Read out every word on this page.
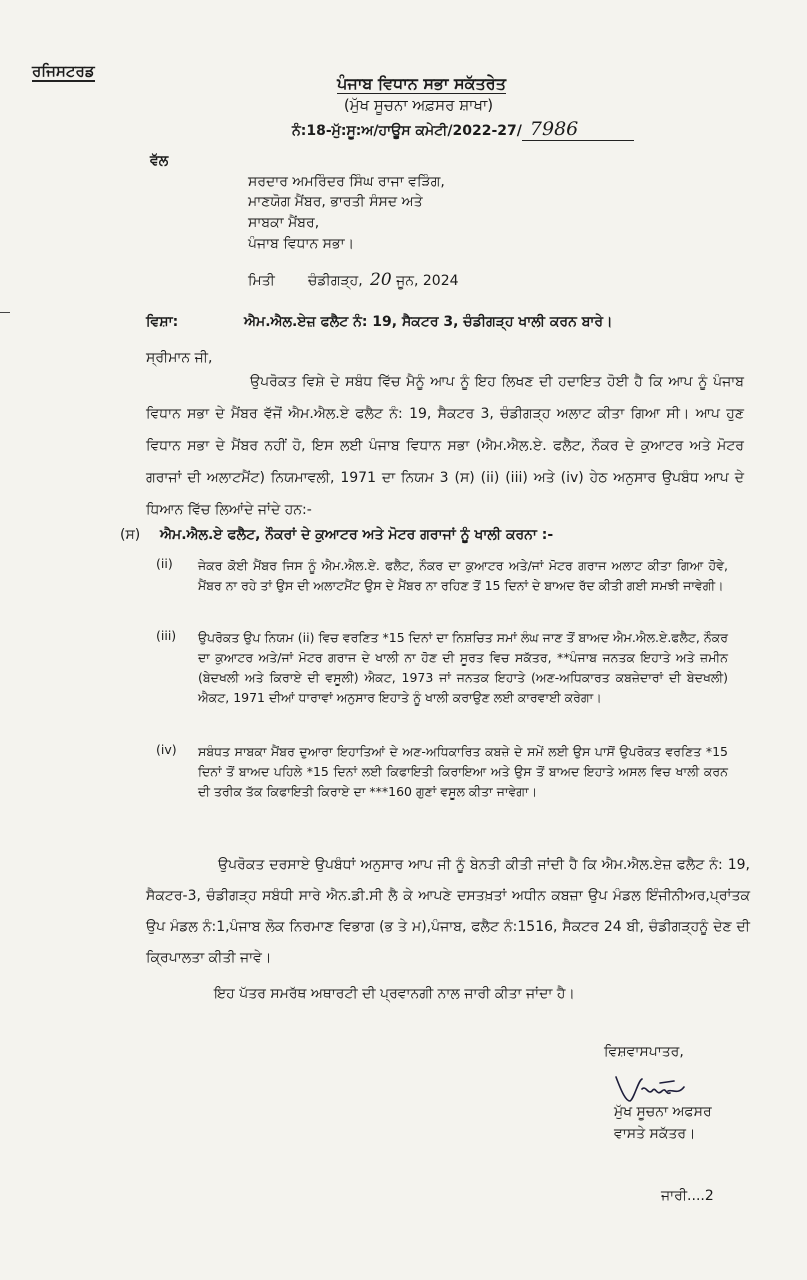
ਰਜਿਸਟਰਡ
ਪੰਜਾਬ ਵਿਧਾਨ ਸਭਾ ਸਕੱਤਰੇਤ
(ਮੁੱਖ ਸੂਚਨਾ ਅਫ਼ਸਰ ਸ਼ਾਖਾ)
ਨੰ:18-ਮੁੱ:ਸੂ:ਅ/ਹਾਊਸ ਕਮੇਟੀ/2022-27/ 7986
ਵੱਲ
ਸਰਦਾਰ ਅਮਰਿੰਦਰ ਸਿੰਘ ਰਾਜਾ ਵੜਿੰਗ,
ਮਾਣਯੋਗ ਮੈਂਬਰ, ਭਾਰਤੀ ਸੰਸਦ ਅਤੇ
ਸਾਬਕਾ ਮੈਂਬਰ,
ਪੰਜਾਬ ਵਿਧਾਨ ਸਭਾ।
ਮਿਤੀ ਚੰਡੀਗੜ੍ਹ, 20 ਜੂਨ, 2024
ਵਿਸ਼ਾ:	ਐਮ.ਐਲ.ਏਜ਼ ਫਲੈਟ ਨੰ: 19, ਸੈਕਟਰ 3, ਚੰਡੀਗੜ੍ਹ ਖਾਲੀ ਕਰਨ ਬਾਰੇ।
ਸ੍ਰੀਮਾਨ ਜੀ,

ਉਪਰੋਕਤ ਵਿਸ਼ੇ ਦੇ ਸਬੰਧ ਵਿੱਚ ਮੈਨੂੰ ਆਪ ਨੂੰ ਇਹ ਲਿਖਣ ਦੀ ਹਦਾਇਤ ਹੋਈ ਹੈ ਕਿ ਆਪ ਨੂੰ ਪੰਜਾਬ ਵਿਧਾਨ ਸਭਾ ਦੇ ਮੈਂਬਰ ਵੱਜੋਂ ਐਮ.ਐਲ.ਏ ਫਲੈਟ ਨੰ: 19, ਸੈਕਟਰ 3, ਚੰਡੀਗੜ੍ਹ ਅਲਾਟ ਕੀਤਾ ਗਿਆ ਸੀ। ਆਪ ਹੁਣ ਵਿਧਾਨ ਸਭਾ ਦੇ ਮੈਂਬਰ ਨਹੀਂ ਹੋ, ਇਸ ਲਈ ਪੰਜਾਬ ਵਿਧਾਨ ਸਭਾ (ਐਮ.ਐਲ.ਏ. ਫਲੈਟ, ਨੌਕਰ ਦੇ ਕੁਆਟਰ ਅਤੇ ਮੋਟਰ ਗਰਾਜਾਂ ਦੀ ਅਲਾਟਮੈਂਟ) ਨਿਯਮਾਵਲੀ, 1971 ਦਾ ਨਿਯਮ 3 (ਸ) (ii) (iii) ਅਤੇ (iv) ਹੇਠ ਅਨੁਸਾਰ ਉਪਬੰਧ ਆਪ ਦੇ ਧਿਆਨ ਵਿੱਚ ਲਿਆਂਦੇ ਜਾਂਦੇ ਹਨ:-

(ਸ) ਐਮ.ਐਲ.ਏ ਫਲੈਟ, ਨੌਕਰਾਂ ਦੇ ਕੁਆਟਰ ਅਤੇ ਮੋਟਰ ਗਰਾਜਾਂ ਨੂੰ ਖਾਲੀ ਕਰਨਾ :-
(ii) ਜੇਕਰ ਕੋਈ ਮੈਂਬਰ ਜਿਸ ਨੂੰ ਐਮ.ਐਲ.ਏ. ਫਲੈਟ, ਨੌਕਰ ਦਾ ਕੁਆਟਰ ਅਤੇ/ਜਾਂ ਮੋਟਰ ਗਰਾਜ ਅਲਾਟ ਕੀਤਾ ਗਿਆ ਹੋਵੇ, ਮੈਂਬਰ ਨਾ ਰਹੇ ਤਾਂ ਉਸ ਦੀ ਅਲਾਟਮੈਂਟ ਉਸ ਦੇ ਮੈਂਬਰ ਨਾ ਰਹਿਣ ਤੋਂ 15 ਦਿਨਾਂ ਦੇ ਬਾਅਦ ਰੱਦ ਕੀਤੀ ਗਈ ਸਮਝੀ ਜਾਵੇਗੀ।
(iii) ਉਪਰੋਕਤ ਉਪ ਨਿਯਮ (ii) ਵਿਚ ਵਰਣਿਤ *15 ਦਿਨਾਂ ਦਾ ਨਿਸ਼ਚਿਤ ਸਮਾਂ ਲੰਘ ਜਾਣ ਤੋਂ ਬਾਅਦ ਐਮ.ਐਲ.ਏ.ਫਲੈਟ, ਨੌਕਰ ਦਾ ਕੁਆਟਰ ਅਤੇ/ਜਾਂ ਮੋਟਰ ਗਰਾਜ ਦੇ ਖਾਲੀ ਨਾ ਹੋਣ ਦੀ ਸੂਰਤ ਵਿਚ ਸਕੱਤਰ, **ਪੰਜਾਬ ਜਨਤਕ ਇਹਾਤੇ ਅਤੇ ਜ਼ਮੀਨ (ਬੇਦਖਲੀ ਅਤੇ ਕਿਰਾਏ ਦੀ ਵਸੂਲੀ) ਐਕਟ, 1973 ਜਾਂ ਜਨਤਕ ਇਹਾਤੇ (ਅਣ-ਅਧਿਕਾਰਤ ਕਬਜ਼ੇਦਾਰਾਂ ਦੀ ਬੇਦਖਲੀ) ਐਕਟ, 1971 ਦੀਆਂ ਧਾਰਾਵਾਂ ਅਨੁਸਾਰ ਇਹਾਤੇ ਨੂੰ ਖਾਲੀ ਕਰਾਉਣ ਲਈ ਕਾਰਵਾਈ ਕਰੇਗਾ।
(iv) ਸਬੰਧਤ ਸਾਬਕਾ ਮੈਂਬਰ ਦੁਆਰਾ ਇਹਾਤਿਆਂ ਦੇ ਅਣ-ਅਧਿਕਾਰਿਤ ਕਬਜ਼ੇ ਦੇ ਸਮੇਂ ਲਈ ਉਸ ਪਾਸੋਂ ਉਪਰੋਕਤ ਵਰਣਿਤ *15 ਦਿਨਾਂ ਤੋਂ ਬਾਅਦ ਪਹਿਲੇ *15 ਦਿਨਾਂ ਲਈ ਕਿਫਾਇਤੀ ਕਿਰਾਇਆ ਅਤੇ ਉਸ ਤੋਂ ਬਾਅਦ ਇਹਾਤੇ ਅਸਲ ਵਿਚ ਖਾਲੀ ਕਰਨ ਦੀ ਤਰੀਕ ਤੱਕ ਕਿਫਾਇਤੀ ਕਿਰਾਏ ਦਾ ***160 ਗੁਣਾਂ ਵਸੂਲ ਕੀਤਾ ਜਾਵੇਗਾ।

ਉਪਰੋਕਤ ਦਰਸਾਏ ਉਪਬੰਧਾਂ ਅਨੁਸਾਰ ਆਪ ਜੀ ਨੂੰ ਬੇਨਤੀ ਕੀਤੀ ਜਾਂਦੀ ਹੈ ਕਿ ਐਮ.ਐਲ.ਏਜ਼ ਫਲੈਟ ਨੰ: 19, ਸੈਕਟਰ-3, ਚੰਡੀਗੜ੍ਹ ਸਬੰਧੀ ਸਾਰੇ ਐਨ.ਡੀ.ਸੀ ਲੈ ਕੇ ਆਪਣੇ ਦਸਤਖ਼ਤਾਂ ਅਧੀਨ ਕਬਜ਼ਾ ਉਪ ਮੰਡਲ ਇੰਜੀਨੀਅਰ,ਪ੍ਰਾਂਤਕ ਉਪ ਮੰਡਲ ਨੰ:1,ਪੰਜਾਬ ਲੋਕ ਨਿਰਮਾਣ ਵਿਭਾਗ (ਭ ਤੇ ਮ),ਪੰਜਾਬ, ਫਲੈਟ ਨੰ:1516, ਸੈਕਟਰ 24 ਬੀ, ਚੰਡੀਗੜ੍ਹਨੂੰ ਦੇਣ ਦੀ ਕ੍ਰਿਪਾਲਤਾ ਕੀਤੀ ਜਾਵੇ।

ਇਹ ਪੱਤਰ ਸਮਰੱਥ ਅਥਾਰਟੀ ਦੀ ਪ੍ਰਵਾਨਗੀ ਨਾਲ ਜਾਰੀ ਕੀਤਾ ਜਾਂਦਾ ਹੈ।
ਵਿਸ਼ਵਾਸਪਾਤਰ,
ਮੁੱਖ ਸੂਚਨਾ ਅਫਸਰ
ਵਾਸਤੇ ਸਕੱਤਰ।
ਜਾਰੀ....2
